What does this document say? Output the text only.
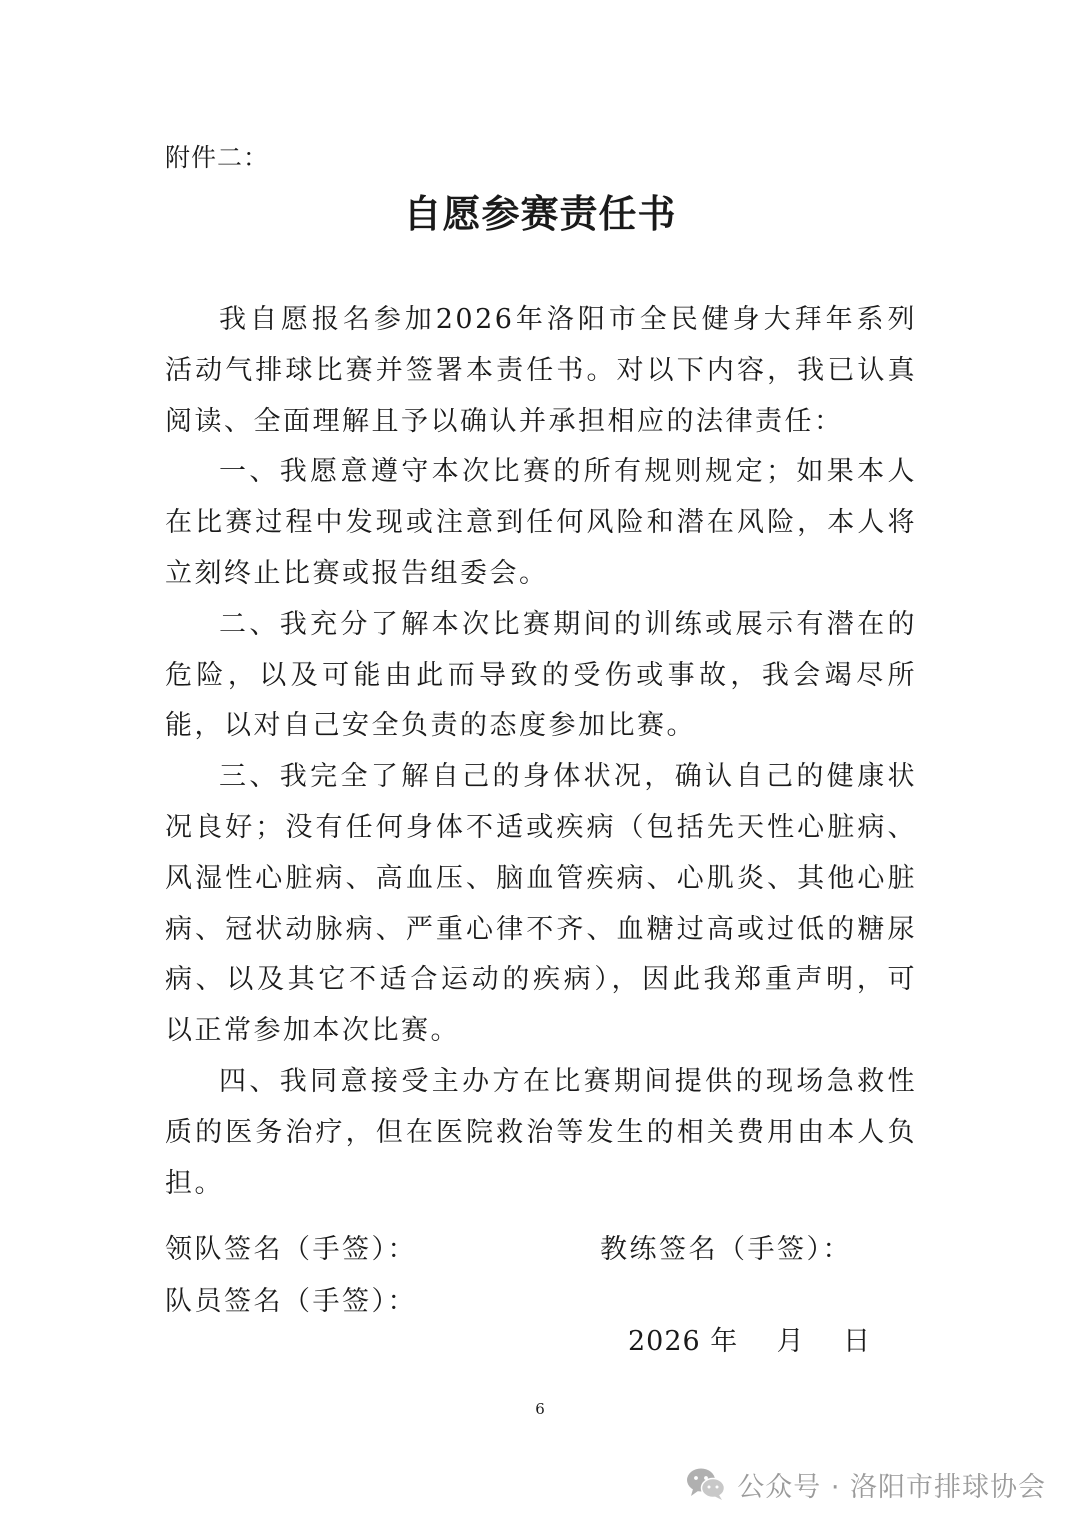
附件二：
自愿参赛责任书

我自愿报名参加2026年洛阳市全民健身大拜年系列活动气排球比赛并签署本责任书。对以下内容，我已认真阅读、全面理解且予以确认并承担相应的法律责任：

一、我愿意遵守本次比赛的所有规则规定；如果本人在比赛过程中发现或注意到任何风险和潜在风险，本人将立刻终止比赛或报告组委会。

二、我充分了解本次比赛期间的训练或展示有潜在的危险，以及可能由此而导致的受伤或事故，我会竭尽所能，以对自己安全负责的态度参加比赛。

三、我完全了解自己的身体状况，确认自己的健康状况良好；没有任何身体不适或疾病（包括先天性心脏病、风湿性心脏病、高血压、脑血管疾病、心肌炎、其他心脏病、冠状动脉病、严重心律不齐、血糖过高或过低的糖尿病、以及其它不适合运动的疾病），因此我郑重声明，可以正常参加本次比赛。

四、我同意接受主办方在比赛期间提供的现场急救性质的医务治疗，但在医院救治等发生的相关费用由本人负担。

领队签名（手签）：	教练签名（手签）：
队员签名（手签）：
2026 年    月    日
6
公众号 · 洛阳市排球协会
